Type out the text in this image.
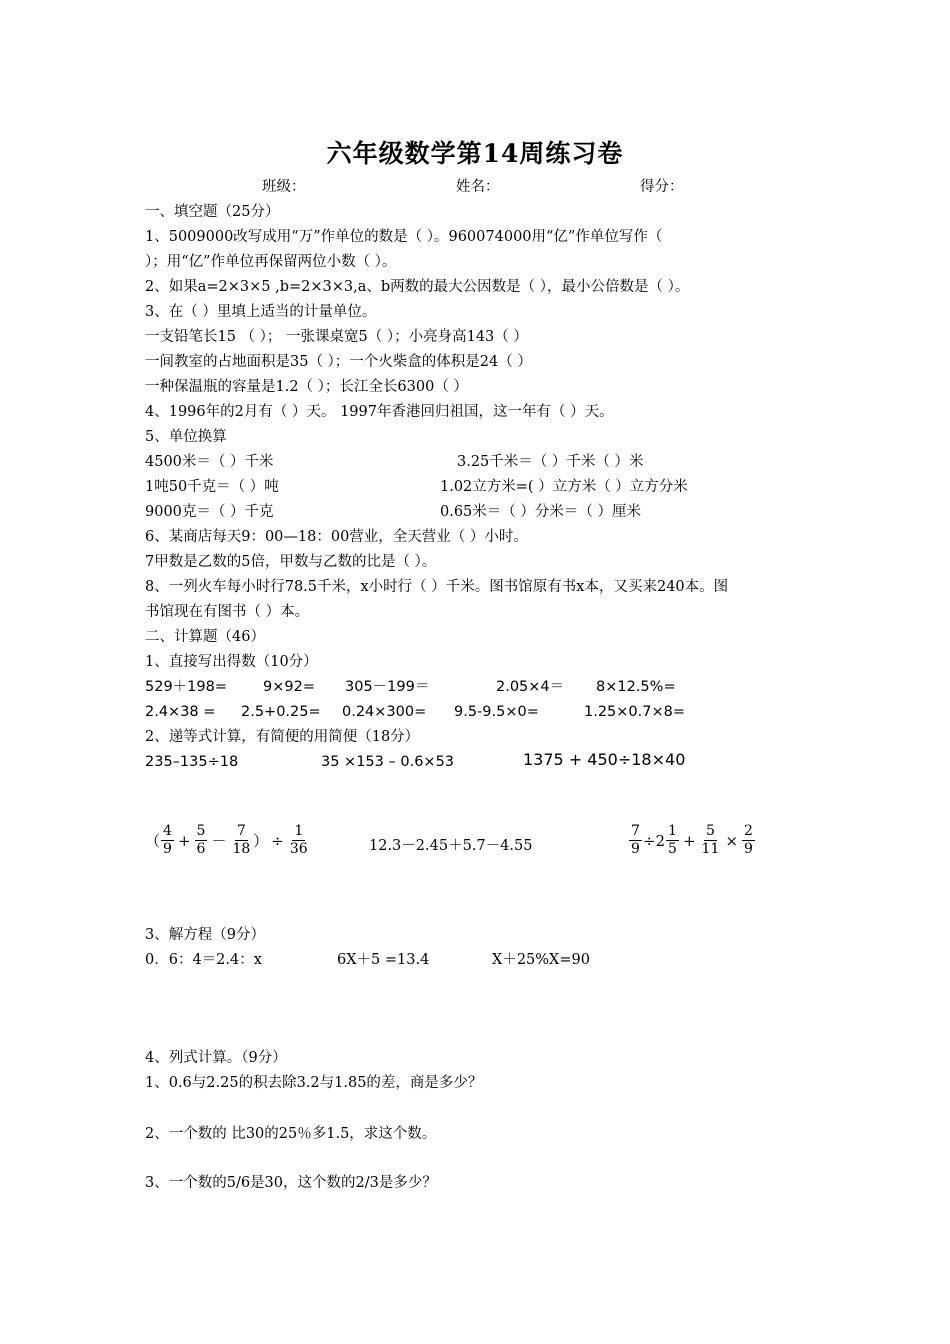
六年级数学第14周练习卷
班级：	姓名：	得分：
一、填空题（25分）
1、5009000改写成用“万”作单位的数是（ ）。960074000用“亿”作单位写作（
）；用“亿”作单位再保留两位小数（ ）。
2、如果a=2×3×5 ,b=2×3×3,a、b两数的最大公因数是（ ），最小公倍数是（ ）。
3、在（ ）里填上适当的计量单位。
一支铅笔长15 （ ）； 一张课桌宽5（ ）；小亮身高143（ ）
一间教室的占地面积是35（ ）；一个火柴盒的体积是24（ ）
一种保温瓶的容量是1.2（ ）；长江全长6300（ ）
4、1996年的2月有（ ）天。 1997年香港回归祖国，这一年有（ ）天。
5、单位换算
4500米＝（ ）千米	3.25千米＝（ ）千米（ ）米
1吨50千克＝（ ）吨	1.02立方米=( ）立方米（ ）立方分米
9000克＝（ ）千克	0.65米＝（ ）分米＝（ ）厘米
6、某商店每天9：00—18：00营业，全天营业（ ）小时。
7甲数是乙数的5倍，甲数与乙数的比是（ ）。
8、一列火车每小时行78.5千米，x小时行（ ）千米。图书馆原有书x本，又买来240本。图
书馆现在有图书（ ）本。
二、计算题（46）
1、直接写出得数（10分）
529＋198= 9×92= 305－199＝	2.05×4＝ 8×12.5%=
2.4×38 = 2.5+0.25= 0.24×300= 9.5-9.5×0=	1.25×0.7×8=
2、递等式计算，有简便的用简便（18分）
235–135÷18	35 ×153 – 0.6×53	1375 + 450÷18×40
（ $\frac{4}{9} + \frac{5}{6} - \frac{7}{18}$ ） ÷ $\frac{1}{36}$	12.3－2.45＋5.7－4.55	$\frac{7}{9} \div 2 \frac{1}{5} + \frac{5}{11} \times \frac{2}{9}$
3、解方程（9分）
0．6：4＝2.4：x	6X＋5 =13.4	X＋25%X=90
4、列式计算。（9分）
1、0.6与2.25的积去除3.2与1.85的差，商是多少？
2、一个数的 比30的25％多1.5，求这个数。
3、一个数的5/6是30，这个数的2/3是多少？
